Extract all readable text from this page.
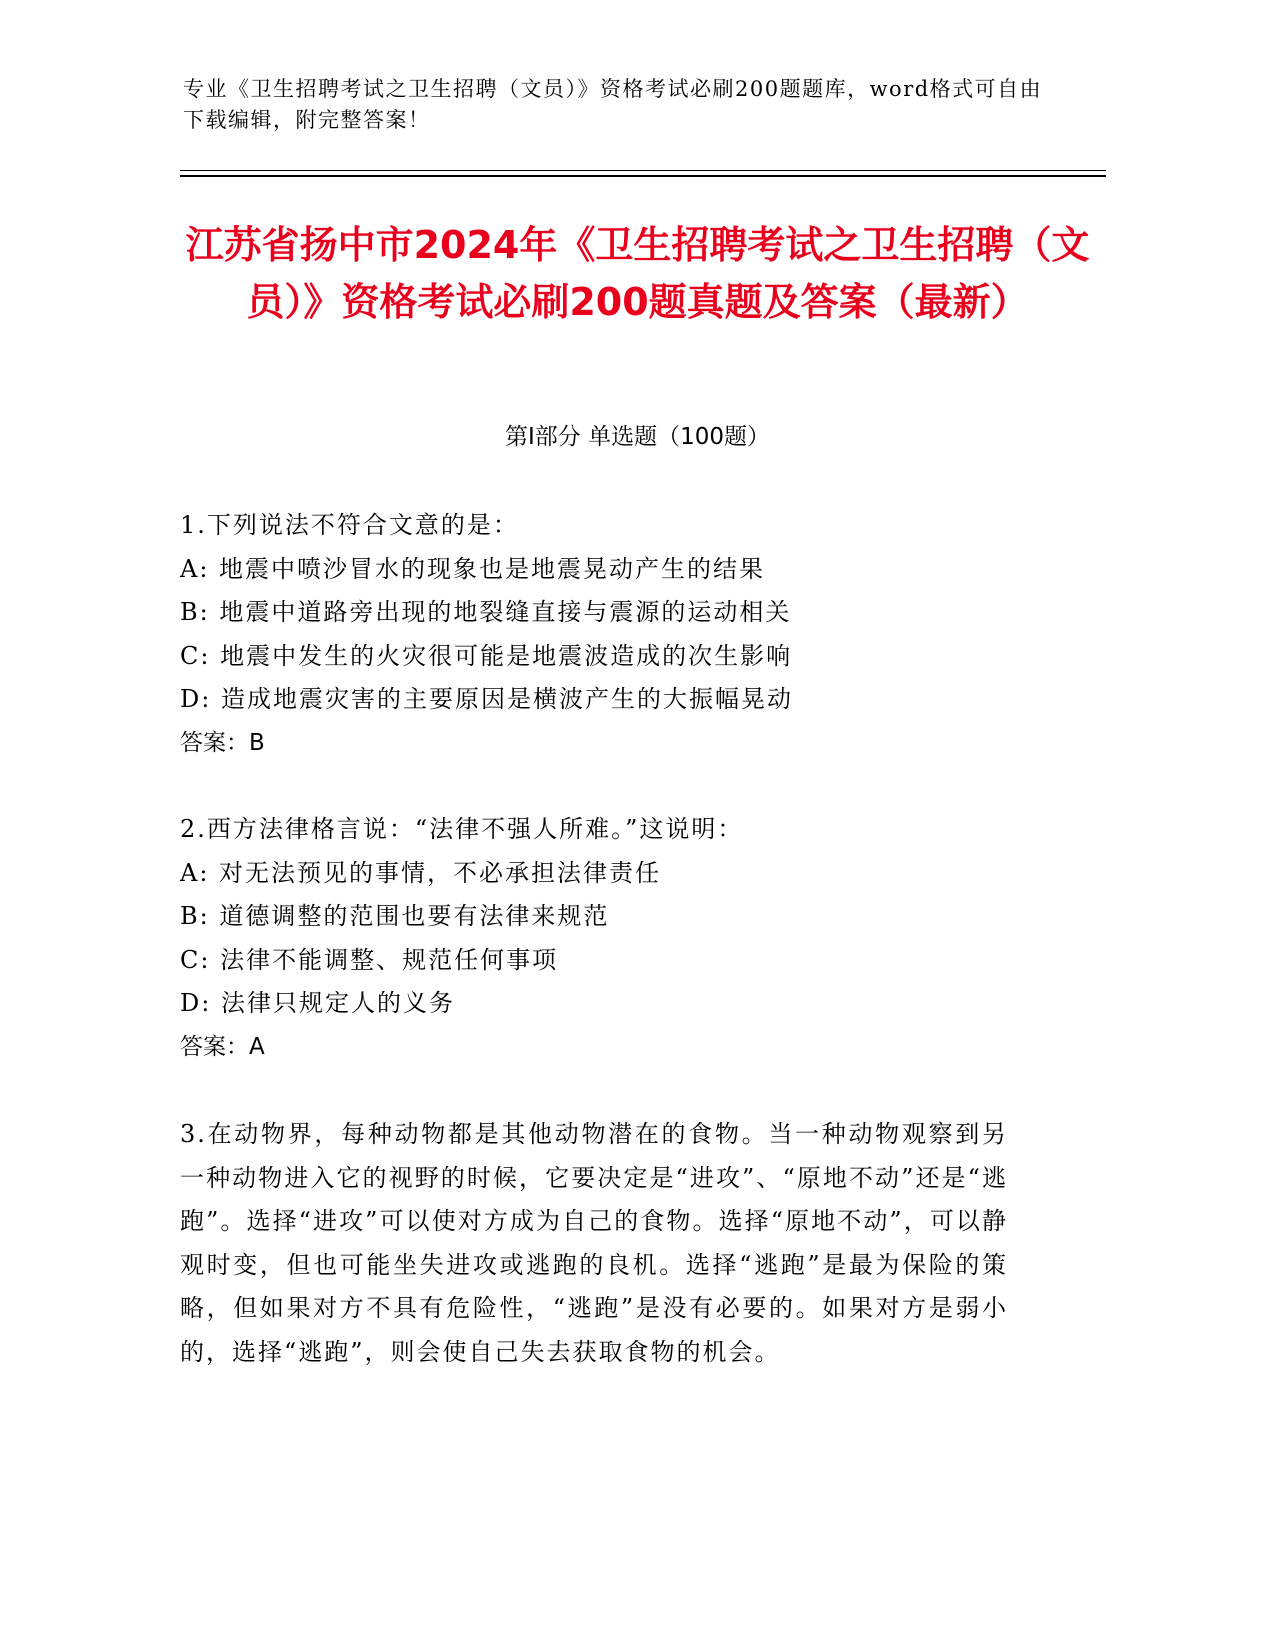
专业《卫生招聘考试之卫生招聘（文员）》资格考试必刷200题题库，word格式可自由下载编辑，附完整答案！
江苏省扬中市2024年《卫生招聘考试之卫生招聘（文员）》资格考试必刷200题真题及答案（最新）
第Ⅰ部分 单选题（100题）
1.下列说法不符合文意的是：
A: 地震中喷沙冒水的现象也是地震晃动产生的结果
B: 地震中道路旁出现的地裂缝直接与震源的运动相关
C: 地震中发生的火灾很可能是地震波造成的次生影响
D: 造成地震灾害的主要原因是横波产生的大振幅晃动
答案：B
2.西方法律格言说：“法律不强人所难。”这说明：
A: 对无法预见的事情，不必承担法律责任
B: 道德调整的范围也要有法律来规范
C: 法律不能调整、规范任何事项
D: 法律只规定人的义务
答案：A
3.在动物界，每种动物都是其他动物潜在的食物。当一种动物观察到另一种动物进入它的视野的时候，它要决定是“进攻”、“原地不动”还是“逃跑”。选择“进攻”可以使对方成为自己的食物。选择“原地不动”，可以静观时变，但也可能坐失进攻或逃跑的良机。选择“逃跑”是最为保险的策略，但如果对方不具有危险性，“逃跑”是没有必要的。如果对方是弱小的，选择“逃跑”，则会使自己失去获取食物的机会。
